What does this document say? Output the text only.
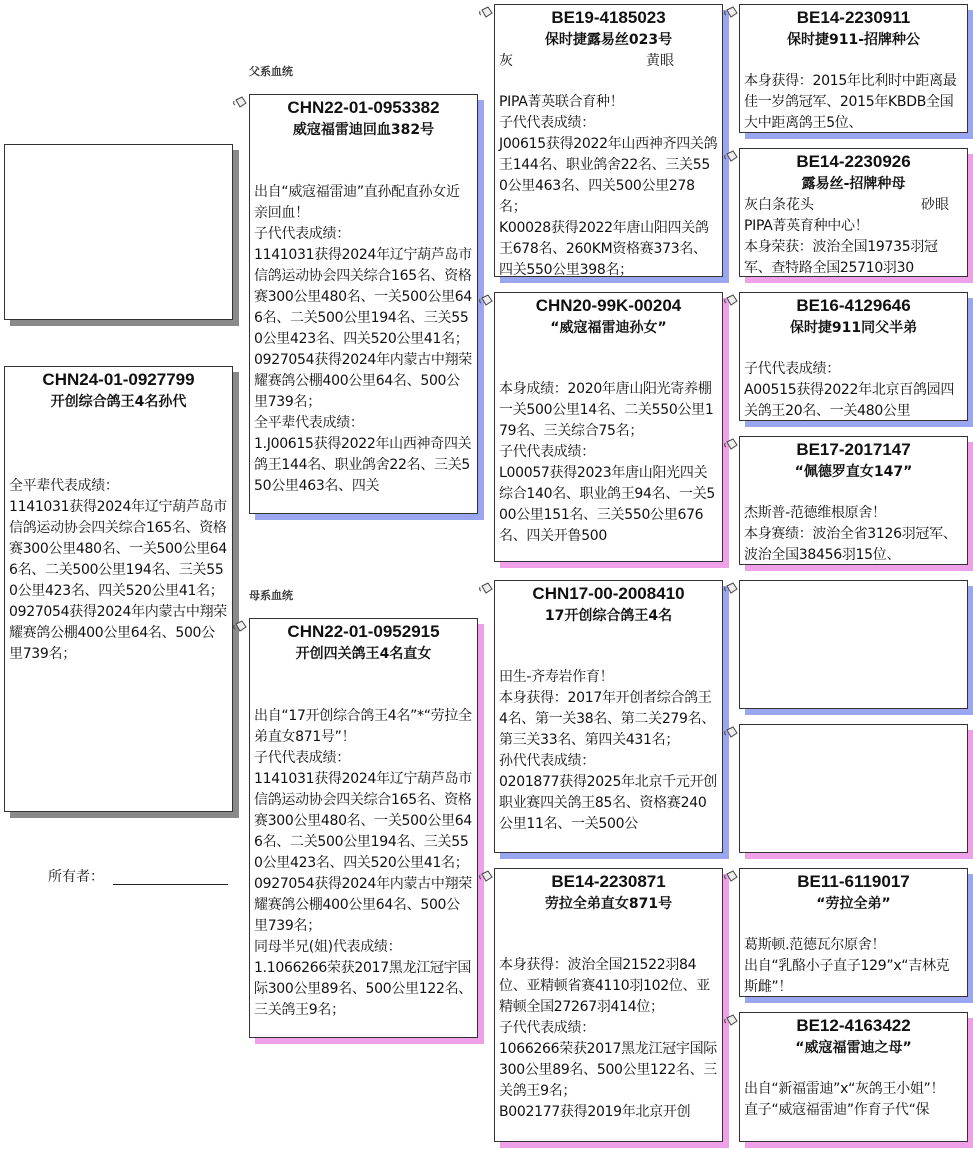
父系血统
母系血统
CHN24-01-0927799
开创综合鸽王4名孙代
全平辈代表成绩：
1141031获得2024年辽宁葫芦岛市信鸽运动协会四关综合165名、资格赛300公里480名、一关500公里646名、二关500公里194名、三关550公里423名、四关520公里41名；
0927054获得2024年内蒙古中翔荣耀赛鸽公棚400公里64名、500公里739名；
所有者：
CHN22-01-0953382
威寇福雷迪回血382号
出自“威寇福雷迪”直孙配直孙女近亲回血！
子代代表成绩：
1141031获得2024年辽宁葫芦岛市信鸽运动协会四关综合165名、资格赛300公里480名、一关500公里646名、二关500公里194名、三关550公里423名、四关520公里41名；
0927054获得2024年内蒙古中翔荣耀赛鸽公棚400公里64名、500公里739名；
全平辈代表成绩：
1.J00615获得2022年山西神奇四关鸽王144名、职业鸽舍22名、三关550公里463名、四关
CHN22-01-0952915
开创四关鸽王4名直女
出自“17开创综合鸽王4名”*“劳拉全弟直女871号”！
子代代表成绩：
1141031获得2024年辽宁葫芦岛市信鸽运动协会四关综合165名、资格赛300公里480名、一关500公里646名、二关500公里194名、三关550公里423名、四关520公里41名；
0927054获得2024年内蒙古中翔荣耀赛鸽公棚400公里64名、500公里739名；
同母半兄(姐)代表成绩：
1.1066266荣获2017黑龙江冠宇国际300公里89名、500公里122名、三关鸽王9名；
BE19-4185023
保时捷露易丝023号
灰	黄眼
PIPA菁英联合育种！
子代代表成绩：
J00615获得2022年山西神齐四关鸽王144名、职业鸽舍22名、三关550公里463名、四关500公里278名；
K00028获得2022年唐山阳四关鸽王678名、260KM资格赛373名、四关550公里398名；
CHN20-99K-00204
“威寇福雷迪孙女”
本身成绩：2020年唐山阳光寄养棚一关500公里14名、二关550公里179名、三关综合75名；
子代代表成绩：
L00057获得2023年唐山阳光四关综合140名、职业鸽王94名、一关500公里151名、三关550公里676名、四关开鲁500
CHN17-00-2008410
17开创综合鸽王4名
田生-齐寿岩作育！
本身获得：2017年开创者综合鸽王4名、第一关38名、第二关279名、第三关33名、第四关431名；
孙代代表成绩：
0201877获得2025年北京千元开创职业赛四关鸽王85名、资格赛240公里11名、一关500公
BE14-2230871
劳拉全弟直女871号
本身获得：波治全国21522羽84位、亚精顿省赛4110羽102位、亚精顿全国27267羽414位；
子代代表成绩：
1066266荣获2017黑龙江冠宇国际300公里89名、500公里122名、三关鸽王9名；
B002177获得2019年北京开创
BE14-2230911
保时捷911-招牌种公
本身获得：2015年比利时中距离最佳一岁鸽冠军、2015年KBDB全国大中距离鸽王5位、
BE14-2230926
露易丝-招牌种母
灰白条花头	砂眼
PIPA菁英育种中心！
本身荣获：波治全国19735羽冠军、查特路全国25710羽30
BE16-4129646
保时捷911同父半弟
子代代表成绩：
A00515获得2022年北京百鸽园四关鸽王20名、一关480公里
BE17-2017147
“佩德罗直女147”
杰斯普-范德维根原舍！
本身赛绩：波治全省3126羽冠军、波治全国38456羽15位、
BE11-6119017
“劳拉全弟”
葛斯顿.范德瓦尔原舍！
出自“乳酪小子直子129”x“吉林克斯雌”！
BE12-4163422
“威寇福雷迪之母”
出自“新福雷迪”x“灰鸽王小姐”！
直子“威寇福雷迪”作育子代“保
